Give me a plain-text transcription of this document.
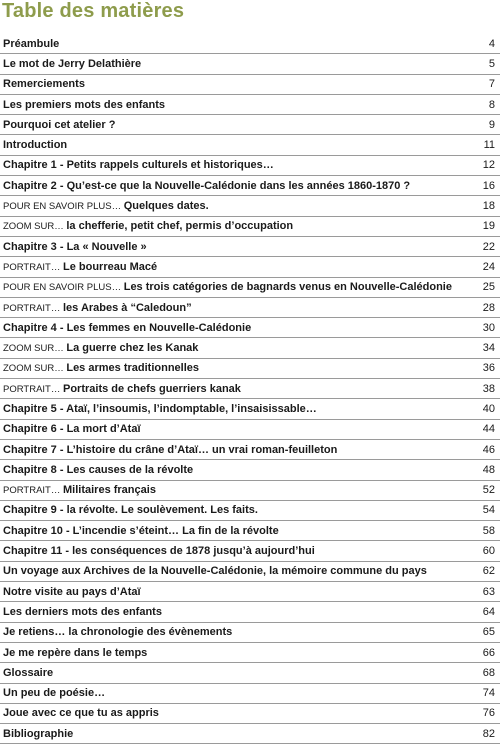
Table des matières
Préambule	4
Le mot de Jerry Delathière	5
Remerciements	7
Les premiers mots des enfants	8
Pourquoi cet atelier ?	9
Introduction	11
Chapitre 1 - Petits rappels culturels et historiques…	12
Chapitre 2 - Qu’est-ce que la Nouvelle-Calédonie dans les années 1860-1870 ?	16
POUR EN SAVOIR PLUS… Quelques dates.	18
ZOOM SUR… la chefferie, petit chef, permis d’occupation	19
Chapitre 3 - La « Nouvelle »	22
PORTRAIT… Le bourreau Macé	24
POUR EN SAVOIR PLUS… Les trois catégories de bagnards venus en Nouvelle-Calédonie	25
PORTRAIT… les Arabes à “Caledoun”	28
Chapitre 4 - Les femmes en Nouvelle-Calédonie	30
ZOOM SUR… La guerre chez les Kanak	34
ZOOM SUR… Les armes traditionnelles	36
PORTRAIT… Portraits de chefs guerriers kanak	38
Chapitre 5 - Ataï, l’insoumis, l’indomptable, l’insaisissable…	40
Chapitre 6 - La mort d’Ataï	44
Chapitre 7 - L’histoire du crâne d’Ataï… un vrai roman-feuilleton	46
Chapitre 8 - Les causes de la révolte	48
PORTRAIT… Militaires français	52
Chapitre 9 - la révolte. Le soulèvement. Les faits.	54
Chapitre 10 - L’incendie s’éteint… La fin de la révolte	58
Chapitre 11 - les conséquences de 1878 jusqu’à aujourd’hui	60
Un voyage aux Archives de la Nouvelle-Calédonie, la mémoire commune du pays	62
Notre visite au pays d’Ataï	63
Les derniers mots des enfants	64
Je retiens… la chronologie des évènements	65
Je me repère dans le temps	66
Glossaire	68
Un peu de poésie…	74
Joue avec ce que tu as appris	76
Bibliographie	82
